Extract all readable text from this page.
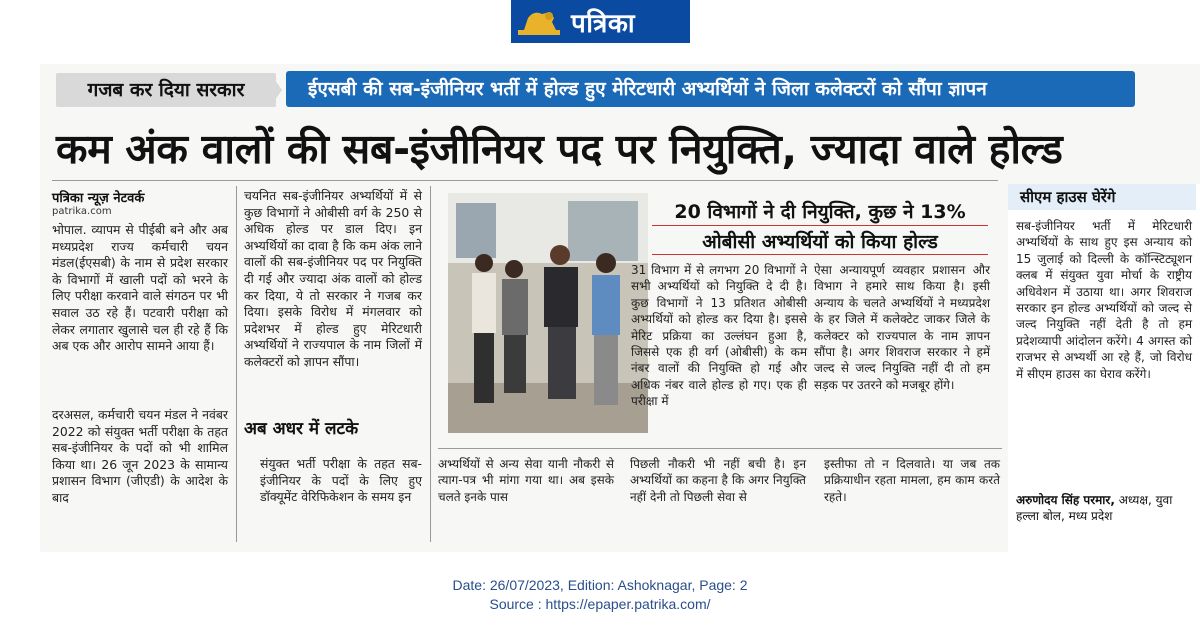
पत्रिका
गजब कर दिया सरकार	ईएसबी की सब-इंजीनियर भर्ती में होल्ड हुए मेरिटधारी अभ्यर्थियों ने जिला कलेक्टरों को सौंपा ज्ञापन
कम अंक वालों की सब-इंजीनियर पद पर नियुक्ति, ज्यादा वाले होल्ड
पत्रिका न्यूज़ नेटवर्क
patrika.com
भोपाल. व्यापम से पीईबी बने और अब मध्यप्रदेश राज्य कर्मचारी चयन मंडल(ईएसबी) के नाम से प्रदेश सरकार के विभागों में खाली पदों को भरने के लिए परीक्षा करवाने वाले संगठन पर भी सवाल उठ रहे हैं। पटवारी परीक्षा को लेकर लगातार खुलासे चल ही रहे हैं कि अब एक और आरोप सामने आया हैं।
दरअसल, कर्मचारी चयन मंडल ने नवंबर 2022 को संयुक्त भर्ती परीक्षा के तहत सब-इंजीनियर के पदों को भी शामिल किया था। 26 जून 2023 के सामान्य प्रशासन विभाग (जीएडी) के आदेश के बाद
चयनित सब-इंजीनियर अभ्यर्थियों में से कुछ विभागों ने ओबीसी वर्ग के 250 से अधिक होल्ड पर डाल दिए। इन अभ्यर्थियों का दावा है कि कम अंक लाने वालों की सब-इंजीनियर पद पर नियुक्ति दी गई और ज्यादा अंक वालों को होल्ड कर दिया, ये तो सरकार ने गजब कर दिया। इसके विरोध में मंगलवार को प्रदेशभर में होल्ड हुए मेरिटधारी अभ्यर्थियों ने राज्यपाल के नाम जिलों में कलेक्टरों को ज्ञापन सौंपा।
अब अधर में लटके
संयुक्त भर्ती परीक्षा के तहत सब-इंजीनियर के पदों के लिए हुए डॉक्यूमेंट वेरिफिकेशन के समय इन
20 विभागों ने दी नियुक्ति, कुछ ने 13%
ओबीसी अभ्यर्थियों को किया होल्ड
31 विभाग में से लगभग 20 विभागों ने सभी अभ्यर्थियों को नियुक्ति दे दी है। कुछ विभागों ने 13 प्रतिशत ओबीसी अभ्यर्थियों को होल्ड कर दिया है। इससे मेरिट प्रक्रिया का उल्लंघन हुआ है, जिससे एक ही वर्ग (ओबीसी) के कम नंबर वालों की नियुक्ति हो गई और अधिक नंबर वाले होल्ड हो गए। एक ही परीक्षा में
ऐसा अन्यायपूर्ण व्यवहार प्रशासन और विभाग ने हमारे साथ किया है। इसी अन्याय के चलते अभ्यर्थियों ने मध्यप्रदेश के हर जिले में कलेक्टेट जाकर जिले के कलेक्टर को राज्यपाल के नाम ज्ञापन सौंपा है। अगर शिवराज सरकार ने हमें जल्द से जल्द नियुक्ति नहीं दी तो हम सड़क पर उतरने को मजबूर होंगे।
अभ्यर्थियों से अन्य सेवा यानी नौकरी से त्याग-पत्र भी मांगा गया था। अब इसके चलते इनके पास
पिछली नौकरी भी नहीं बची है। इन अभ्यर्थियों का कहना है कि अगर नियुक्ति नहीं देनी तो पिछली सेवा से
इस्तीफा तो न दिलवाते। या जब तक प्रक्रियाधीन रहता मामला, हम काम करते रहते।
सीएम हाउस घेरेंगे
सब-इंजीनियर भर्ती में मेरिटधारी अभ्यर्थियों के साथ हुए इस अन्याय को 15 जुलाई को दिल्ली के कॉन्स्टिट्यूशन क्लब में संयुक्त युवा मोर्चा के राष्ट्रीय अधिवेशन में उठाया था। अगर शिवराज सरकार इन होल्ड अभ्यर्थियों को जल्द से जल्द नियुक्ति नहीं देती है तो हम प्रदेशव्यापी आंदोलन करेंगे। 4 अगस्त को राजभर से अभ्यर्थी आ रहे हैं, जो विरोध में सीएम हाउस का घेराव करेंगे।
अरुणोदय सिंह परमार, अध्यक्ष, युवा हल्ला बोल, मध्य प्रदेश
Date: 26/07/2023, Edition: Ashoknagar, Page: 2
Source : https://epaper.patrika.com/
